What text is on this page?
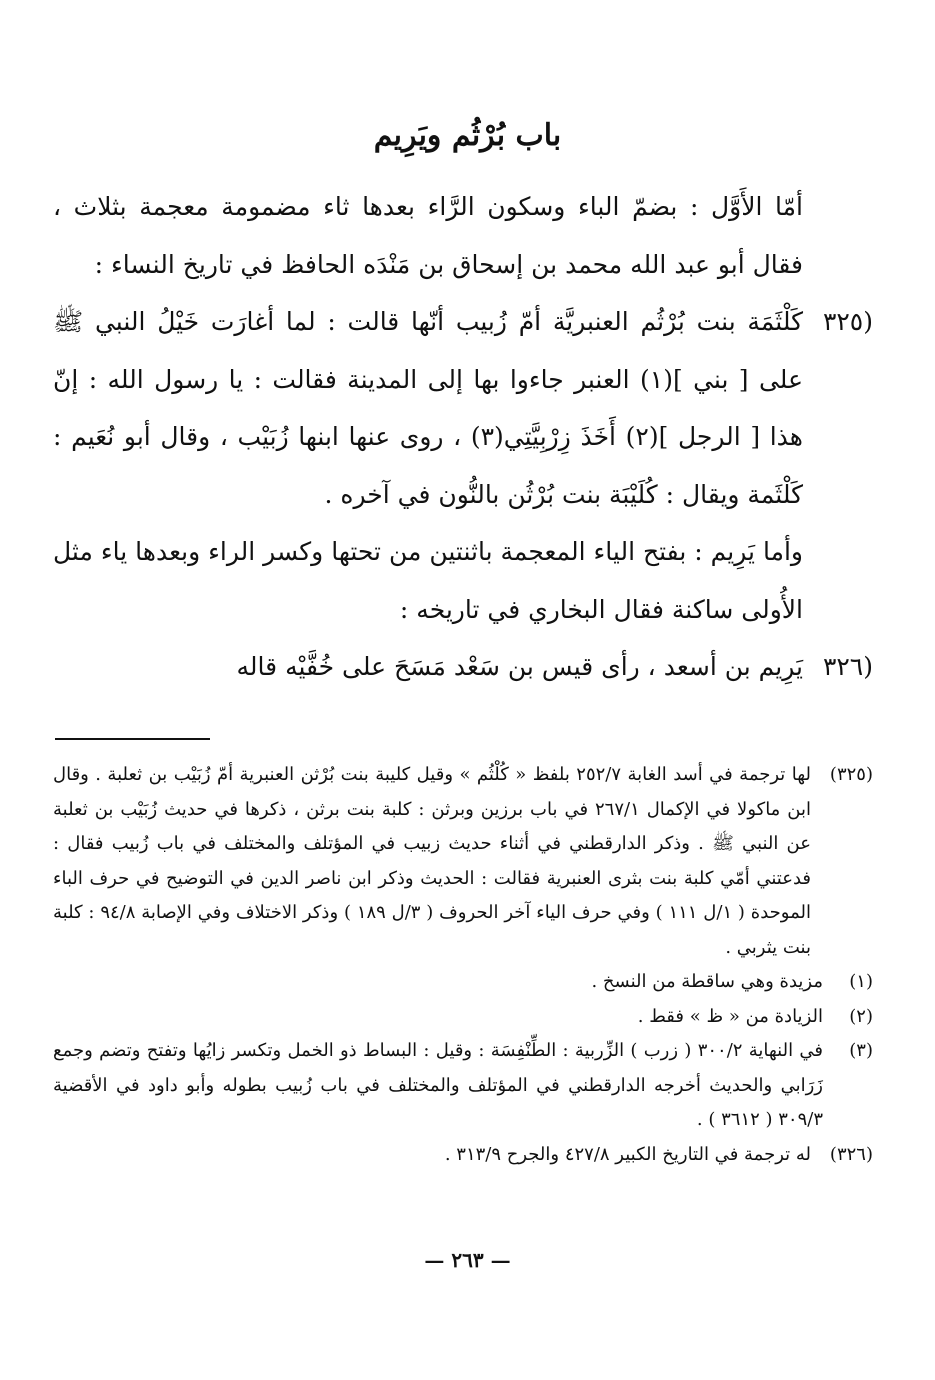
باب بُرْثُم ويَرِيم

أمّا الأَوَّل : بضمّ الباء وسكون الرَّاء بعدها ثاء مضمومة معجمة بثلاث ، فقال أبو عبد الله محمد بن إسحاق بن مَنْدَه الحافظ في تاريخ النساء :

(٣٢٥
كَلْثَمَة بنت بُرْثُم العنبريَّة أمّ زُبيب أنّها قالت : لما أغارَت خَيْلُ النبي ﷺ على [ بني ](١) العنبر جاءوا بها إلى المدينة فقالت : يا رسول الله : إنّ هذا [ الرجل ](٢) أَخَذَ زِرْبِيَّتِي(٣) ، روى عنها ابنها زُبَيْب ، وقال أبو نُعَيم : كَلْثَمة ويقال : كُلَيْبَة بنت بُرْثُن بالنُّون في آخره .

وأما يَرِيم : بفتح الياء المعجمة باثنتين من تحتها وكسر الراء وبعدها ياء مثل الأُولى ساكنة فقال البخاري في تاريخه :

(٣٢٦
يَرِيم بن أسعد ، رأى قيس بن سَعْد مَسَحَ على خُفَّيْه قاله
(٣٢٥)
لها ترجمة في أسد الغابة ٢٥٢/٧ بلفظ « كُلْثُم » وقيل كليبة بنت بُرْثن العنبرية أمّ زُبَيْب بن ثعلبة . وقال ابن ماكولا في الإكمال ٢٦٧/١ في باب برزين وبرثن : كلبة بنت برثن ، ذكرها في حديث زُبَيْب بن ثعلبة عن النبي ﷺ . وذكر الدارقطني في أثناء حديث زبيب في المؤتلف والمختلف في باب زُبيب فقال : فدعتني أمّي كلبة بنت بثرى العنبرية فقالت : الحديث وذكر ابن ناصر الدين في التوضيح في حرف الباء الموحدة ( ١/ل ١١١ ) وفي حرف الياء آخر الحروف ( ٣/ل ١٨٩ ) وذكر الاختلاف وفي الإصابة ٩٤/٨ : كلبة بنت يثربي .
(١)
مزيدة وهي ساقطة من النسخ .
(٢)
الزيادة من « ظ » فقط .
(٣)
في النهاية ٣٠٠/٢ ( زرب ) الزِّربية : الطِّنْفِسَة : وقيل : البساط ذو الخمل وتكسر زايُها وتفتح وتضم وجمع زَرَابي والحديث أخرجه الدارقطني في المؤتلف والمختلف في باب زُبيب بطوله وأبو داود في الأقضية ٣٠٩/٣ ( ٣٦١٢ ) .
(٣٢٦)
له ترجمة في التاريخ الكبير ٤٢٧/٨ والجرح ٣١٣/٩ .
— ٢٦٣ —
